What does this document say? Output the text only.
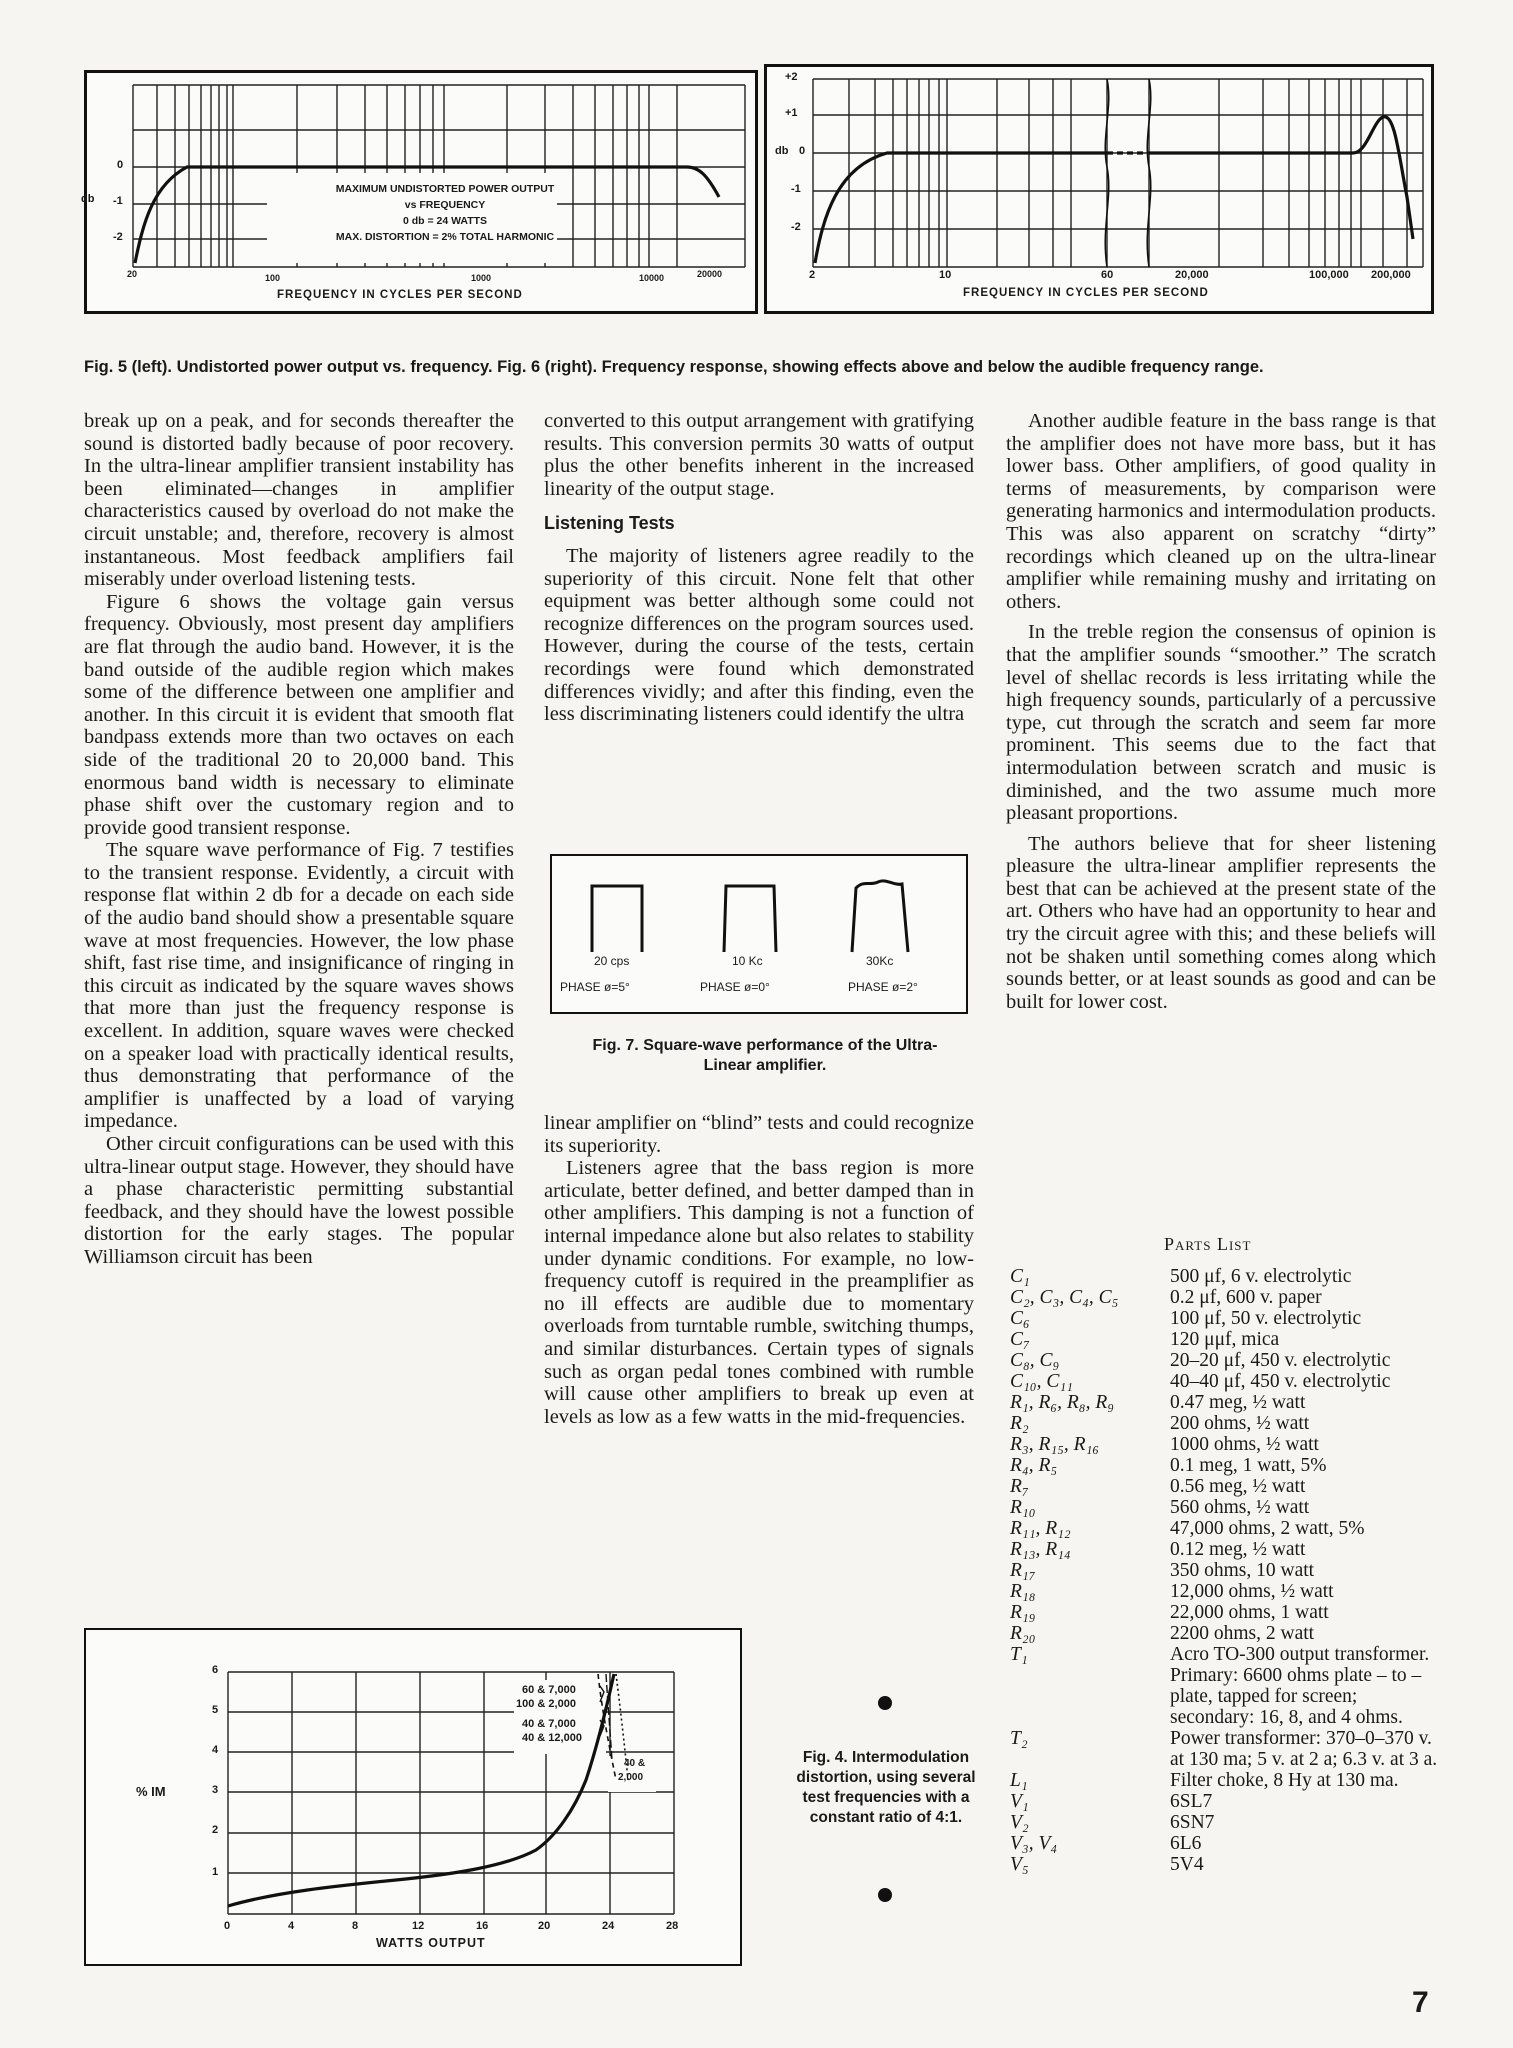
MAXIMUM UNDISTORTED POWER OUTPUT
vs FREQUENCY
0 db = 24 WATTS
MAX. DISTORTION = 2% TOTAL HARMONIC
db
0
-1
-2
20	100	1000	10000	20000
FREQUENCY IN CYCLES PER SECOND
+2
+1
db 0
-1
-2
2	10	60	20,000	100,000 200,000
FREQUENCY IN CYCLES PER SECOND
Fig. 5 (left). Undistorted power output vs. frequency. Fig. 6 (right). Frequency response, showing effects above and below the audible frequency range.

break up on a peak, and for seconds thereafter the sound is distorted badly because of poor recovery. In the ultra-linear amplifier transient instability has been eliminated—changes in amplifier characteristics caused by overload do not make the circuit unstable; and, therefore, recovery is almost instantaneous. Most feedback amplifiers fail miserably under overload listening tests.

Figure 6 shows the voltage gain versus frequency. Obviously, most present day amplifiers are flat through the audio band. However, it is the band outside of the audible region which makes some of the difference between one amplifier and another. In this circuit it is evident that smooth flat bandpass extends more than two octaves on each side of the traditional 20 to 20,000 band. This enormous band width is necessary to eliminate phase shift over the customary region and to provide good transient response.

The square wave performance of Fig. 7 testifies to the transient response. Evidently, a circuit with response flat within 2 db for a decade on each side of the audio band should show a presentable square wave at most frequencies. However, the low phase shift, fast rise time, and insignificance of ringing in this circuit as indicated by the square waves shows that more than just the frequency response is excellent. In addition, square waves were checked on a speaker load with practically identical results, thus demonstrating that performance of the amplifier is unaffected by a load of varying impedance.

Other circuit configurations can be used with this ultra-linear output stage. However, they should have a phase characteristic permitting substantial feedback, and they should have the lowest possible distortion for the early stages. The popular Williamson circuit has been

converted to this output arrangement with gratifying results. This conversion permits 30 watts of output plus the other benefits inherent in the increased linearity of the output stage.

Listening Tests

The majority of listeners agree readily to the superiority of this circuit. None felt that other equipment was better although some could not recognize differences on the program sources used. However, during the course of the tests, certain recordings were found which demonstrated differences vividly; and after this finding, even the less discriminating listeners could identify the ultra

20 cps	10 Kc	30Kc
PHASE ø=5°	PHASE ø=0°	PHASE ø=2°
Fig. 7. Square-wave performance of the Ultra-Linear amplifier.

linear amplifier on “blind” tests and could recognize its superiority.

Listeners agree that the bass region is more articulate, better defined, and better damped than in other amplifiers. This damping is not a function of internal impedance alone but also relates to stability under dynamic conditions. For example, no low-frequency cutoff is required in the preamplifier as no ill effects are audible due to momentary overloads from turntable rumble, switching thumps, and similar disturbances. Certain types of signals such as organ pedal tones combined with rumble will cause other amplifiers to break up even at levels as low as a few watts in the mid-frequencies.

Another audible feature in the bass range is that the amplifier does not have more bass, but it has lower bass. Other amplifiers, of good quality in terms of measurements, by comparison were generating harmonics and intermodulation products. This was also apparent on scratchy “dirty” recordings which cleaned up on the ultra-linear amplifier while remaining mushy and irritating on others.

In the treble region the consensus of opinion is that the amplifier sounds “smoother.” The scratch level of shellac records is less irritating while the high frequency sounds, particularly of a percussive type, cut through the scratch and seem far more prominent. This seems due to the fact that intermodulation between scratch and music is diminished, and the two assume much more pleasant proportions.

The authors believe that for sheer listening pleasure the ultra-linear amplifier represents the best that can be achieved at the present state of the art. Others who have had an opportunity to hear and try the circuit agree with this; and these beliefs will not be shaken until something comes along which sounds better, or at least sounds as good and can be built for lower cost.

Parts List
C₁	500 μf, 6 v. electrolytic
C₂, C₃, C₄, C₅	0.2 μf, 600 v. paper
C₆	100 μf, 50 v. electrolytic
C₇	120 μμf, mica
C₈, C₉	20–20 μf, 450 v. electrolytic
C₁₀, C₁₁	40–40 μf, 450 v. electrolytic
R₁, R₆, R₈, R₉	0.47 meg, ½ watt
R₂	200 ohms, ½ watt
R₃, R₁₅, R₁₆	1000 ohms, ½ watt
R₄, R₅	0.1 meg, 1 watt, 5%
R₇	0.56 meg, ½ watt
R₁₀	560 ohms, ½ watt
R₁₁, R₁₂	47,000 ohms, 2 watt, 5%
R₁₃, R₁₄	0.12 meg, ½ watt
R₁₇	350 ohms, 10 watt
R₁₈	12,000 ohms, ½ watt
R₁₉	22,000 ohms, 1 watt
R₂₀	2200 ohms, 2 watt
T₁	Acro TO-300 output transformer. Primary: 6600 ohms plate – to – plate, tapped for screen; secondary: 16, 8, and 4 ohms.
T₂	Power transformer: 370–0–370 v. at 130 ma; 5 v. at 2 a; 6.3 v. at 3 a.
L₁	Filter choke, 8 Hy at 130 ma.
V₁	6SL7
V₂	6SN7
V₃, V₄	6L6
V₅	5V4
% IM
6
5
4
3
2
1
0	4	8	12	16	20	24	28
WATTS OUTPUT
60 & 7,000
100 & 2,000
40 & 7,000
40 & 12,000
40 &
2,000
Fig. 4. Intermodulation distortion, using several test frequencies with a constant ratio of 4:1.
7
